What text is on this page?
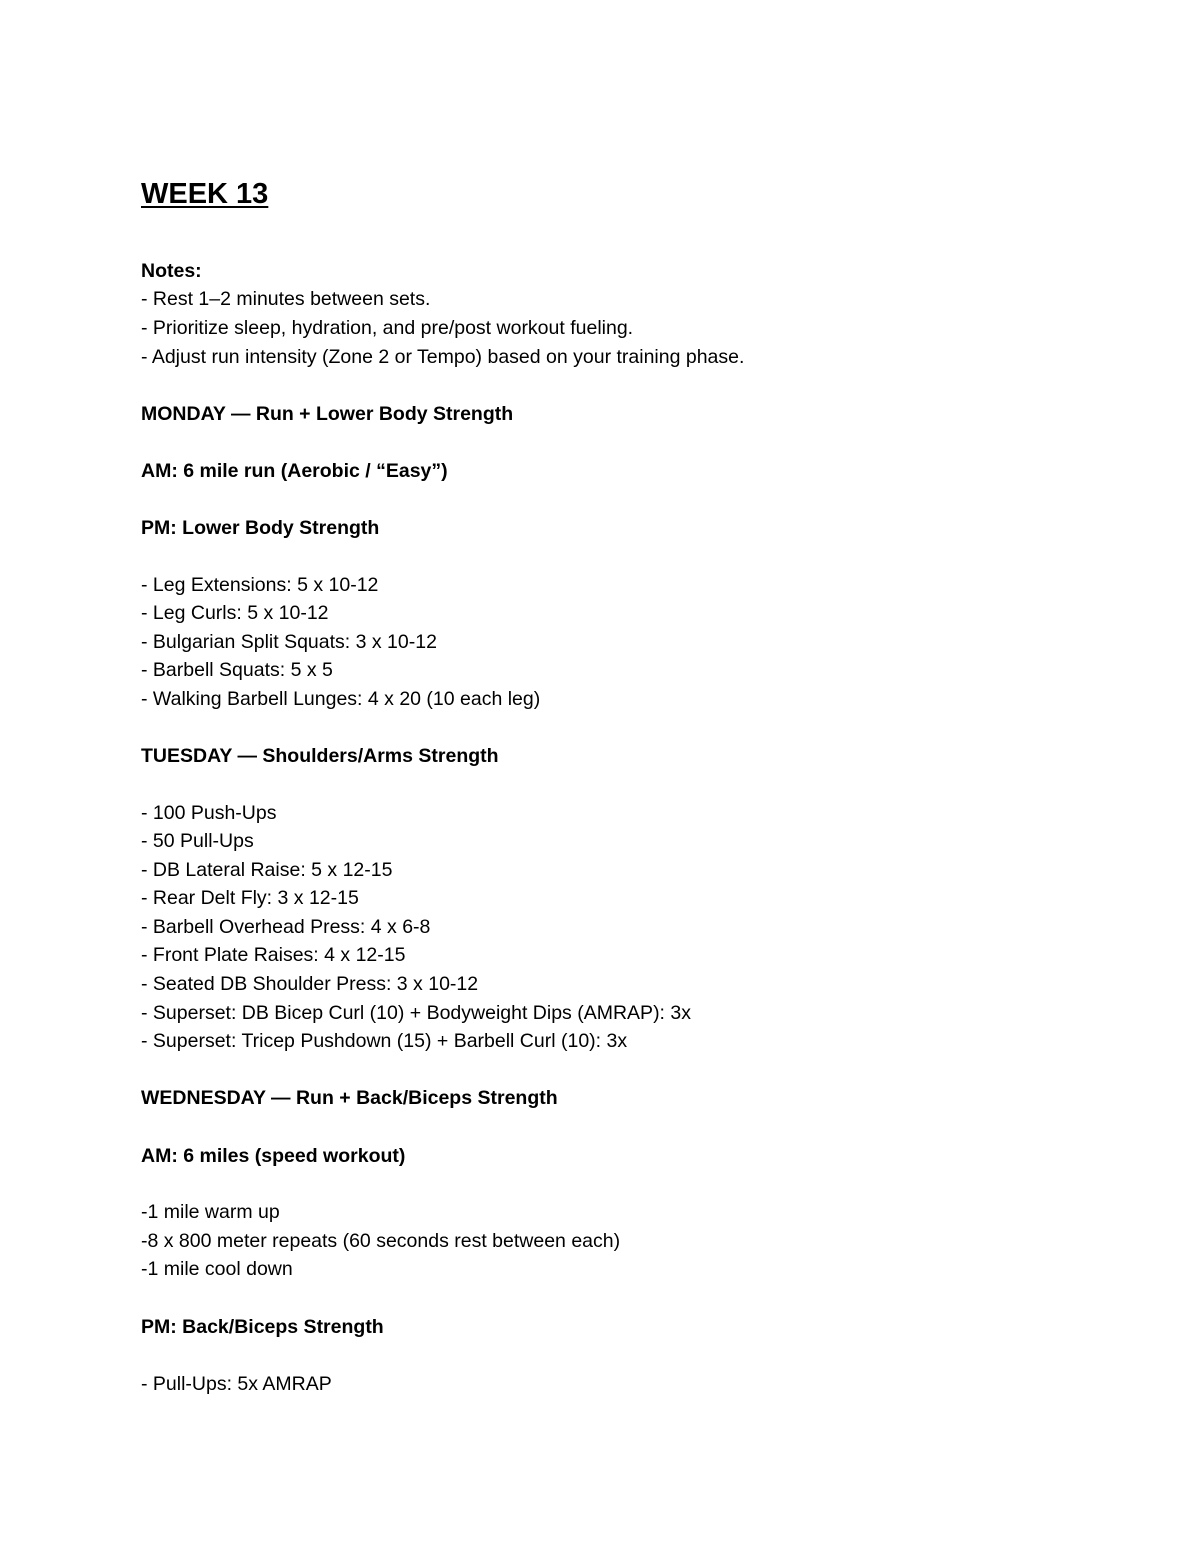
WEEK 13
Notes:
- Rest 1–2 minutes between sets.
- Prioritize sleep, hydration, and pre/post workout fueling.
- Adjust run intensity (Zone 2 or Tempo) based on your training phase.
MONDAY — Run + Lower Body Strength
AM: 6 mile run (Aerobic / “Easy”)
PM: Lower Body Strength
- Leg Extensions: 5 x 10-12
- Leg Curls: 5 x 10-12
- Bulgarian Split Squats: 3 x 10-12
- Barbell Squats: 5 x 5
- Walking Barbell Lunges: 4 x 20 (10 each leg)
TUESDAY — Shoulders/Arms Strength
- 100 Push-Ups
- 50 Pull-Ups
- DB Lateral Raise: 5 x 12-15
- Rear Delt Fly: 3 x 12-15
- Barbell Overhead Press: 4 x 6-8
- Front Plate Raises: 4 x 12-15
- Seated DB Shoulder Press: 3 x 10-12
- Superset: DB Bicep Curl (10) + Bodyweight Dips (AMRAP): 3x
- Superset: Tricep Pushdown (15) + Barbell Curl (10): 3x
WEDNESDAY — Run + Back/Biceps Strength
AM: 6 miles (speed workout)
-1 mile warm up
-8 x 800 meter repeats (60 seconds rest between each)
-1 mile cool down
PM: Back/Biceps Strength
- Pull-Ups: 5x AMRAP
